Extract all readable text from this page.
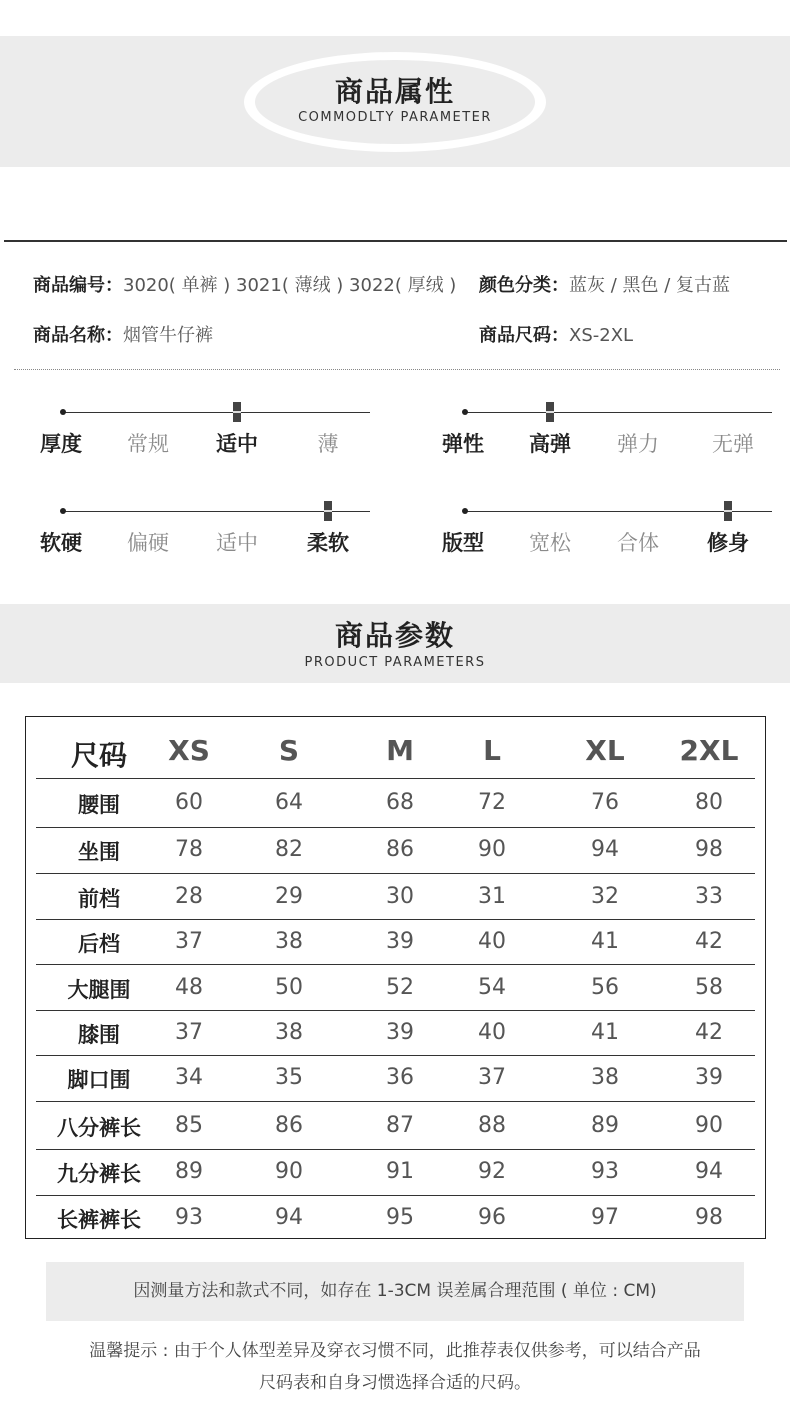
商品属性
COMMODLTY PARAMETER
商品编号：3020( 单裤 ) 3021( 薄绒 ) 3022( 厚绒 ) 颜色分类：蓝灰 / 黑色 / 复古蓝
商品名称：烟管牛仔裤	商品尺码：XS-2XL
厚度 常规 适中	薄	弹性 高弹 弹力	无弹
软硬 偏硬 适中 柔软	版型 宽松 合体 修身
商品参数
PRODUCT PARAMETERS
尺码	XS	S	M	L	XL	2XL
腰围	60	64	68	72	76	80
坐围	78	82	86	90	94	98
前档	28	29	30	31	32	33
后档	37	38	39	40	41	42
大腿围	48	50	52	54	56	58
膝围	37	38	39	40	41	42
脚口围	34	35	36	37	38	39
八分裤长	85	86	87	88	89	90
九分裤长	89	90	91	92	93	94
长裤裤长	93	94	95	96	97	98
因测量方法和款式不同，如存在 1-3CM 误差属合理范围 ( 单位 : CM)
温馨提示 : 由于个人体型差异及穿衣习惯不同，此推荐表仅供参考，可以结合产品
尺码表和自身习惯选择合适的尺码。
